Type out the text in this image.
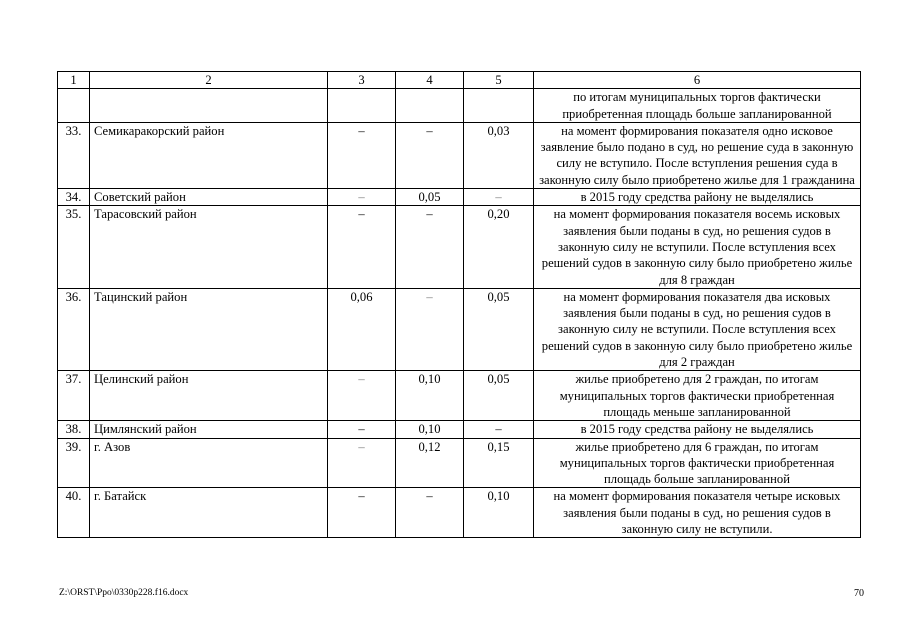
1	2	3	4	5	6
					по итогам муниципальных торгов фактически приобретенная площадь больше запланированной
33.	Семикаракорский район	–	–	0,03	на момент формирования показателя одно исковое заявление было подано в суд, но решение суда в законную силу не вступило. После вступления решения суда в законную силу было приобретено жилье для 1 гражданина
34.	Советский район	–	0,05	–	в 2015 году средства району не выделялись
35.	Тарасовский район	–	–	0,20	на момент формирования показателя восемь исковых заявления были поданы в суд, но решения судов в законную силу не вступили. После вступления всех решений судов в законную силу было приобретено жилье для 8 граждан
36.	Тацинский район	0,06	–	0,05	на момент формирования показателя два исковых заявления были поданы в суд, но решения судов в законную силу не вступили. После вступления всех решений судов в законную силу было приобретено жилье для 2 граждан
37.	Целинский район	–	0,10	0,05	жилье приобретено для 2 граждан, по итогам муниципальных торгов фактически приобретенная площадь меньше запланированной
38.	Цимлянский район	–	0,10	–	в 2015 году средства району не выделялись
39.	г. Азов	–	0,12	0,15	жилье приобретено для 6 граждан, по итогам муниципальных торгов фактически приобретенная площадь больше запланированной
40.	г. Батайск	–	–	0,10	на момент формирования показателя четыре исковых заявления были поданы в суд, но решения судов в законную силу не вступили.
Z:\ORST\Ppo\0330p228.f16.docx	70
